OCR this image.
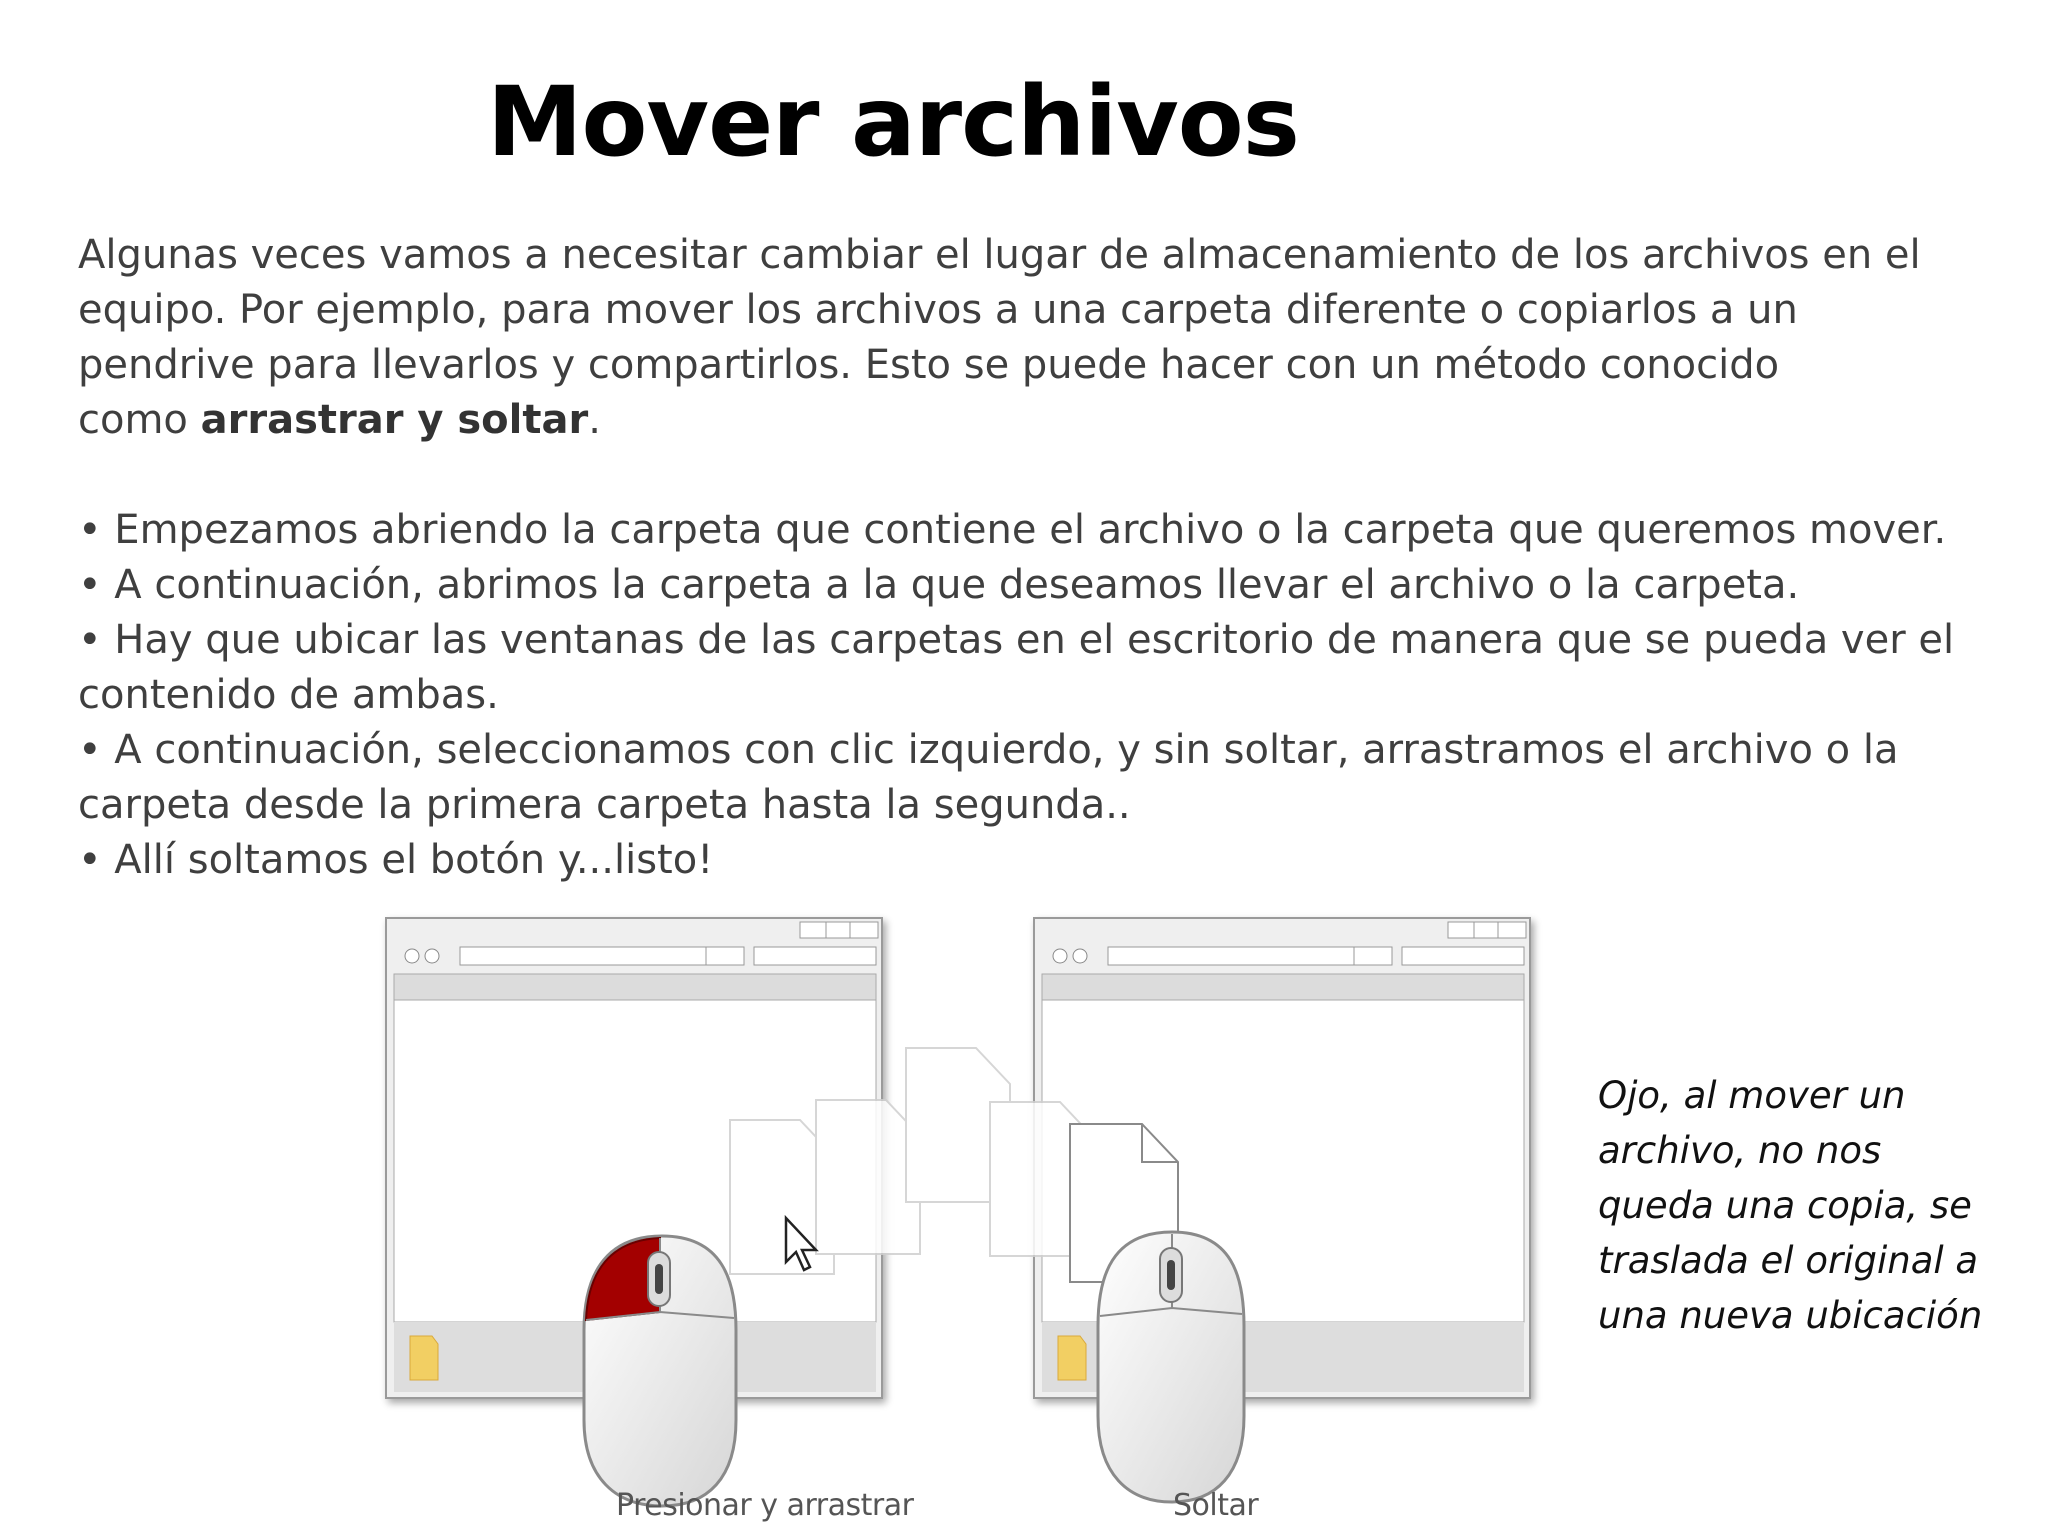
Mover archivos

Algunas veces vamos a necesitar cambiar el lugar de almacenamiento de los archivos en el

equipo. Por ejemplo, para mover los archivos a una carpeta diferente o copiarlos a un

pendrive para llevarlos y compartirlos. Esto se puede hacer con un método conocido

como arrastrar y soltar.

• Empezamos abriendo la carpeta que contiene el archivo o la carpeta que queremos mover.

• A continuación, abrimos la carpeta a la que deseamos llevar el archivo o la carpeta.

• Hay que ubicar las ventanas de las carpetas en el escritorio de manera que se pueda ver el

contenido de ambas.

• A continuación, seleccionamos con clic izquierdo, y sin soltar, arrastramos el archivo o la

carpeta desde la primera carpeta hasta la segunda..

• Allí soltamos el botón y...listo!

Ojo, al mover un
archivo, no nos
queda una copia, se
traslada el original a
una nueva ubicación
Presionar y arrastrar	Soltar
